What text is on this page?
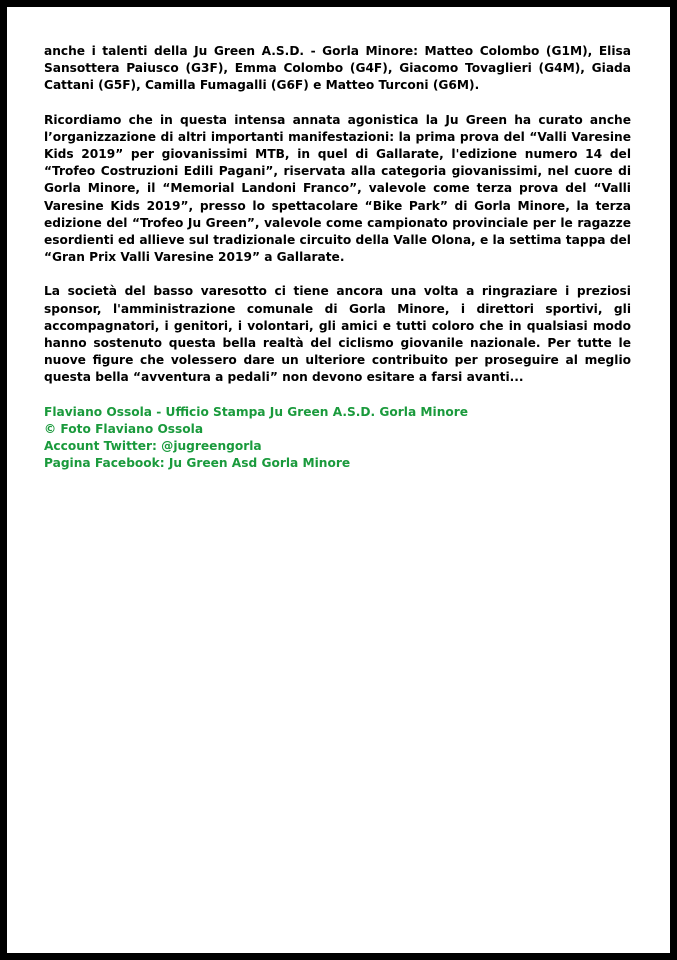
anche i talenti della Ju Green A.S.D. - Gorla Minore: Matteo Colombo (G1M), Elisa Sansottera Paiusco (G3F), Emma Colombo (G4F), Giacomo Tovaglieri (G4M), Giada Cattani (G5F), Camilla Fumagalli (G6F) e Matteo Turconi (G6M).

Ricordiamo che in questa intensa annata agonistica la Ju Green ha curato anche l’organizzazione di altri importanti manifestazioni: la prima prova del “Valli Varesine Kids 2019” per giovanissimi MTB, in quel di Gallarate, l'edizione numero 14 del “Trofeo Costruzioni Edili Pagani”, riservata alla categoria giovanissimi, nel cuore di Gorla Minore, il “Memorial Landoni Franco”, valevole come terza prova del “Valli Varesine Kids 2019”, presso lo spettacolare “Bike Park” di Gorla Minore, la terza edizione del “Trofeo Ju Green”, valevole come campionato provinciale per le ragazze esordienti ed allieve sul tradizionale circuito della Valle Olona, e la settima tappa del “Gran Prix Valli Varesine 2019” a Gallarate.

La società del basso varesotto ci tiene ancora una volta a ringraziare i preziosi sponsor, l'amministrazione comunale di Gorla Minore, i direttori sportivi, gli accompagnatori, i genitori, i volontari, gli amici e tutti coloro che in qualsiasi modo hanno sostenuto questa bella realtà del ciclismo giovanile nazionale. Per tutte le nuove figure che volessero dare un ulteriore contribuito per proseguire al meglio questa bella “avventura a pedali” non devono esitare a farsi avanti...

Flaviano Ossola - Ufficio Stampa Ju Green A.S.D. Gorla Minore
© Foto Flaviano Ossola
Account Twitter: @jugreengorla
Pagina Facebook: Ju Green Asd Gorla Minore
